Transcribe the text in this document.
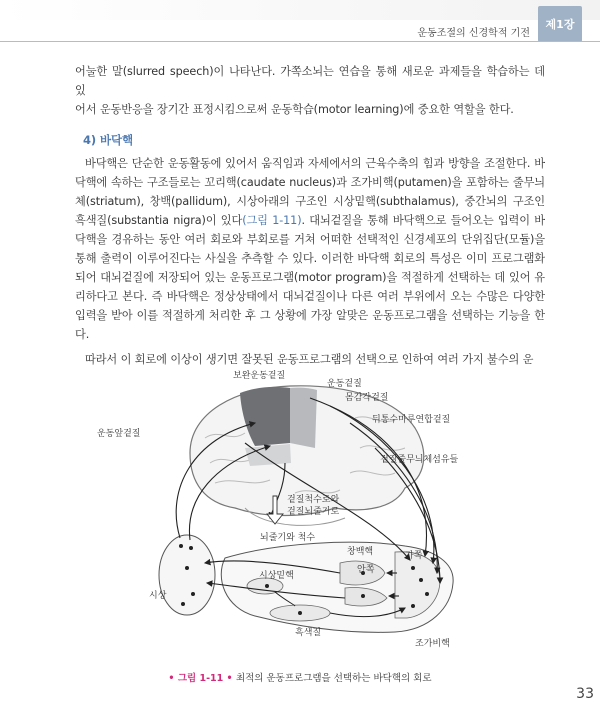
운동조절의 신경학적 기전
제1장

어눌한 말(slurred speech)이 나타난다. 가쪽소뇌는 연습을 통해 새로운 과제들을 학습하는 데 있

어서 운동반응을 장기간 표정시킴으로써 운동학습(motor learning)에 중요한 역할을 한다.

4) 바닥핵

바닥핵은 단순한 운동활동에 있어서 움직임과 자세에서의 근육수축의 힘과 방향을 조절한다. 바닥핵에 속하는 구조들로는 꼬리핵(caudate nucleus)과 조가비핵(putamen)을 포함하는 줄무늬체(striatum), 창백(pallidum), 시상아래의 구조인 시상밑핵(subthalamus), 중간뇌의 구조인 흑색질(substantia nigra)이 있다(그림 1-11). 대뇌겉질을 통해 바닥핵으로 들어오는 입력이 바닥핵을 경유하는 동안 여러 회로와 부회로를 거쳐 어떠한 선택적인 신경세포의 단위집단(모듈)을 통해 출력이 이루어진다는 사실을 추측할 수 있다. 이러한 바닥핵 회로의 특성은 이미 프로그램화되어 대뇌겉질에 저장되어 있는 운동프로그램(motor program)을 적절하게 선택하는 데 있어 유리하다고 본다. 즉 바닥핵은 정상상태에서 대뇌겉질이나 다른 여러 부위에서 오는 수많은 다양한 입력을 받아 이를 적절하게 처리한 후 그 상황에 가장 알맞은 운동프로그램을 선택하는 기능을 한다.

따라서 이 회로에 이상이 생기면 잘못된 운동프로그램의 선택으로 인하여 여러 가지 불수의 운

보완운동겉질
운동겉질
몸감각겉질
운동앞겉질
뒤통수마루연합겉질
겉질줄무늬체섬유들
겉질척수로와
겉질뇌줄기로
뇌줄기와 척수
창백핵	가쪽
안쪽
시상밑핵
시상
흑색질
조가비핵
• 그림 1-11 • 최적의 운동프로그램을 선택하는 바닥핵의 회로
33
